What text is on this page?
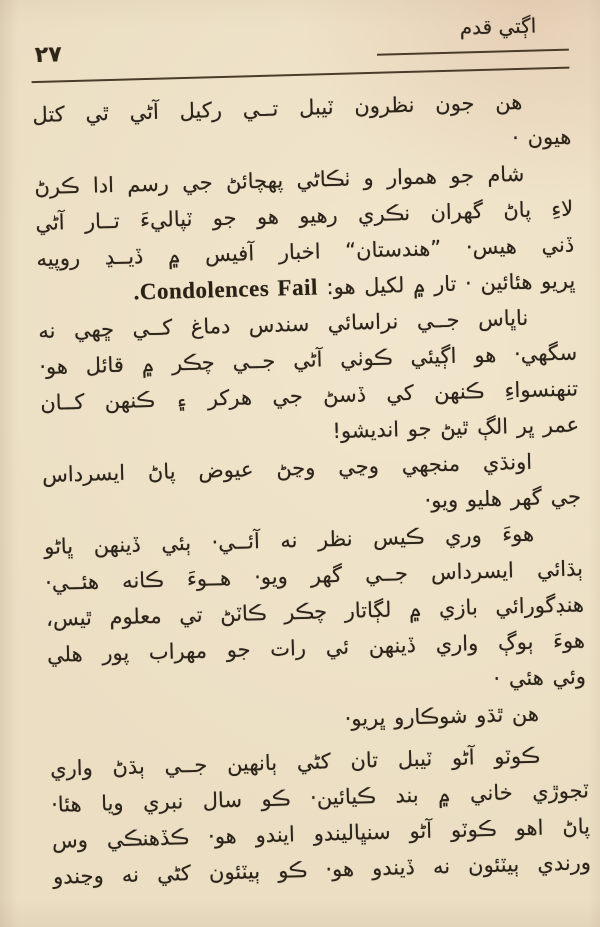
اڳتي قدم
۲۷
هن جون نظرون ٽيبل تــي رکيل آڻي ٿي کتل
هيون ·
شام جو هموار و ٺڪاڻي پهچائڻ جي رسم ادا ڪرڻ
لاءِ پاڻ گهران نڪري رهيو هو جو ٽپاليءَ تــار آڻي
ڏني هيس· ”هندستان“ اخبار آفيس ۾ ڏيــڍ روپيه
ڀريو هئائين · تار ۾ لکيل هو: Condolences Fail.
ناڀاس جــي نراسائي سندس دماغ کــي ڇهي نه
سگهي· هو اڳيئي ڪوٺي آڻي جــي چڪر ۾ قائل هو·
تنهنسواءِ ڪنهن کي ڏسڻ جي هرکر ۽ ڪنهن کــان
عمر ڀر الڳ ٿيڻ جو انديشو!
اونڌي منجهي وڃي وڃڻ عيوض پاڻ ايسرداس
جي گهر هليو ويو·
هوءَ وري ڪيس نظر نه آئــي· ٻئي ڏينهن ڀاڻو
ٻڌائي ايسرداس جــي گهر ويو· هــوءَ ڪانه هئــي·
هنڊگورائي بازي ۾ لڳاتار چڪر ڪاٽڻ تي معلوم ٿيس،
هوءَ ٻوڳ واري ڏينهن ئي رات جو مهراب پور هلي
وئي هئي ·
هن ٿڌو شوڪارو ڀريو·
ڪوٽو آڻو ٽيبل تان کڻي ٻانهين جــي ٻڌڻ واري
ٽجوڙي خاني ۾ بند ڪيائين· ڪو سال نبري ويا هئا·
پاڻ اهو ڪوٽو آڻو سنڀاليندو ايندو هو· ڪڏهنڪي وس
ورندي ٻيٽئون نه ڏيندو هو· ڪو ٻيٽئون کڻي نه وڃندو
